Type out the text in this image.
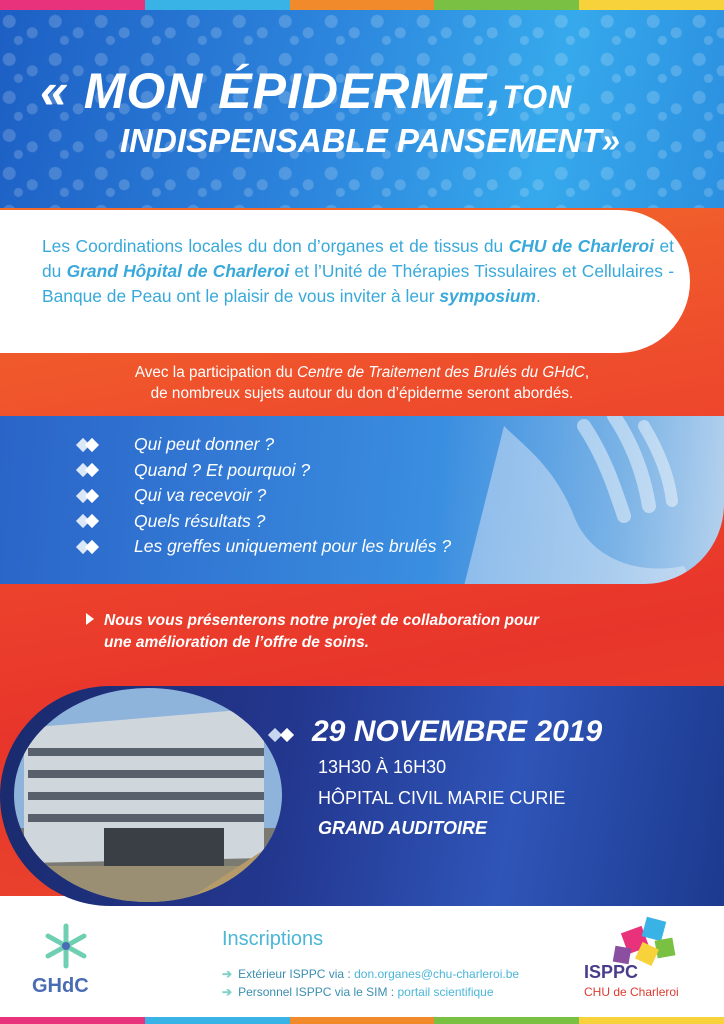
« MON ÉPIDERME,TON
INDISPENSABLE PANSEMENT»
Les Coordinations locales du don d’organes et de tissus du CHU de Charleroi et du Grand Hôpital de Charleroi et l’Unité de Thérapies Tissulaires et Cellulaires - Banque de Peau ont le plaisir de vous inviter à leur symposium.
Avec la participation du Centre de Traitement des Brulés du GHdC,
de nombreux sujets autour du don d’épiderme seront abordés.
Qui peut donner ?
Quand ? Et pourquoi ?
Qui va recevoir ?
Quels résultats ?
Les greffes uniquement pour les brulés ?
Nous vous présenterons notre projet de collaboration pour
une amélioration de l’offre de soins.
29 NOVEMBRE 2019
13H30 À 16H30
HÔPITAL CIVIL MARIE CURIE
GRAND AUDITOIRE
GHdC
Inscriptions
➔ Extérieur ISPPC via : don.organes@chu-charleroi.be
➔ Personnel ISPPC via le SIM : portail scientifique
ISPPC
CHU de Charleroi
